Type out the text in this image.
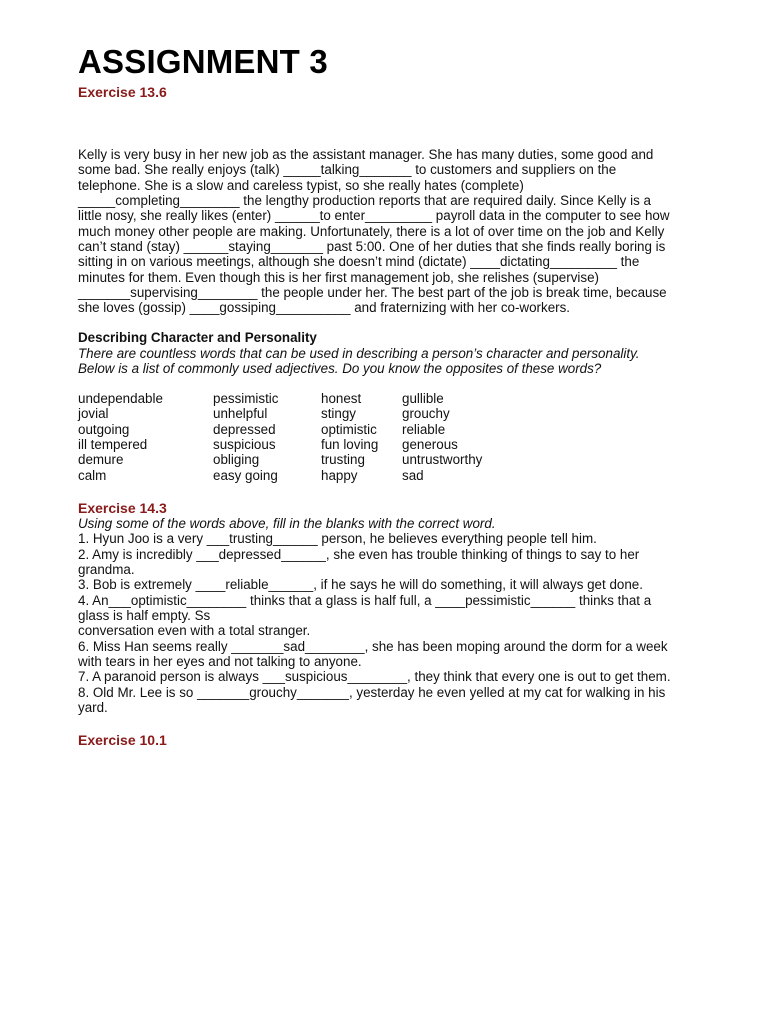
ASSIGNMENT 3
Exercise 13.6
Kelly is very busy in her new job as the assistant manager. She has many duties, some good and
some bad. She really enjoys (talk) _____talking_______ to customers and suppliers on the
telephone. She is a slow and careless typist, so she really hates (complete)
_____completing________ the lengthy production reports that are required daily. Since Kelly is a
little nosy, she really likes (enter) ______to enter_________ payroll data in the computer to see how
much money other people are making. Unfortunately, there is a lot of over time on the job and Kelly
can’t stand (stay) ______staying_______ past 5:00. One of her duties that she finds really boring is
sitting in on various meetings, although she doesn’t mind (dictate) ____dictating_________ the
minutes for them. Even though this is her first management job, she relishes (supervise)
_______supervising________ the people under her. The best part of the job is break time, because
she loves (gossip) ____gossiping__________ and fraternizing with her co-workers.
Describing Character and Personality
There are countless words that can be used in describing a person’s character and personality.
Below is a list of commonly used adjectives. Do you know the opposites of these words?
undependable
jovial
outgoing
ill tempered
demure
calm
pessimistic
unhelpful
depressed
suspicious
obliging
easy going
honest
stingy
optimistic
fun loving
trusting
happy
gullible
grouchy
reliable
generous
untrustworthy
sad
Exercise 14.3
Using some of the words above, fill in the blanks with the correct word.
1. Hyun Joo is a very ___trusting______ person, he believes everything people tell him.
2. Amy is incredibly ___depressed______, she even has trouble thinking of things to say to her
grandma.
3. Bob is extremely ____reliable______, if he says he will do something, it will always get done.
4. An___optimistic________ thinks that a glass is half full, a ____pessimistic______ thinks that a
glass is half empty. Ss
conversation even with a total stranger.
6. Miss Han seems really _______sad________, she has been moping around the dorm for a week
with tears in her eyes and not talking to anyone.
7. A paranoid person is always ___suspicious________, they think that every one is out to get them.
8. Old Mr. Lee is so _______grouchy_______, yesterday he even yelled at my cat for walking in his
yard.
Exercise 10.1
